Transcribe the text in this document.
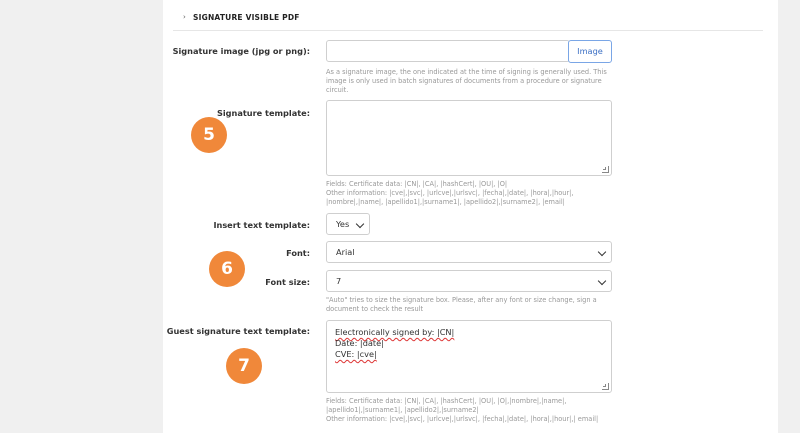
› SIGNATURE VISIBLE PDF
Signature image (jpg or png):	Image
As a signature image, the one indicated at the time of signing is generally used. This image is only used in batch signatures of documents from a procedure or signature circuit.
Signature template:
Fields: Certificate data: |CN|, |CA|, |hashCert|, |OU|, |O|
Other information: |cve|,|svc|, |urlcve|,|urlsvc|, |fecha|,|date|, |hora|,|hour|, |nombre|,|name|, |apellido1|,|surname1|, |apellido2|,|surname2|, |email|
Insert text template:	Yes
Font:	Arial
Font size:	7
"Auto" tries to size the signature box. Please, after any font or size change, sign a document to check the result
Guest signature text template:	Electronically signed by: |CN|
Date: |date|
CVE: |cve|
Fields: Certificate data: |CN|, |CA|, |hashCert|, |OU|, |O|,|nombre|,|name|, |apellido1|,|surname1|, |apellido2|,|surname2|
Other information: |cve|,|svc|, |urlcve|,|urlsvc|, |fecha|,|date|, |hora|,|hour|,| email|
5
6
7
